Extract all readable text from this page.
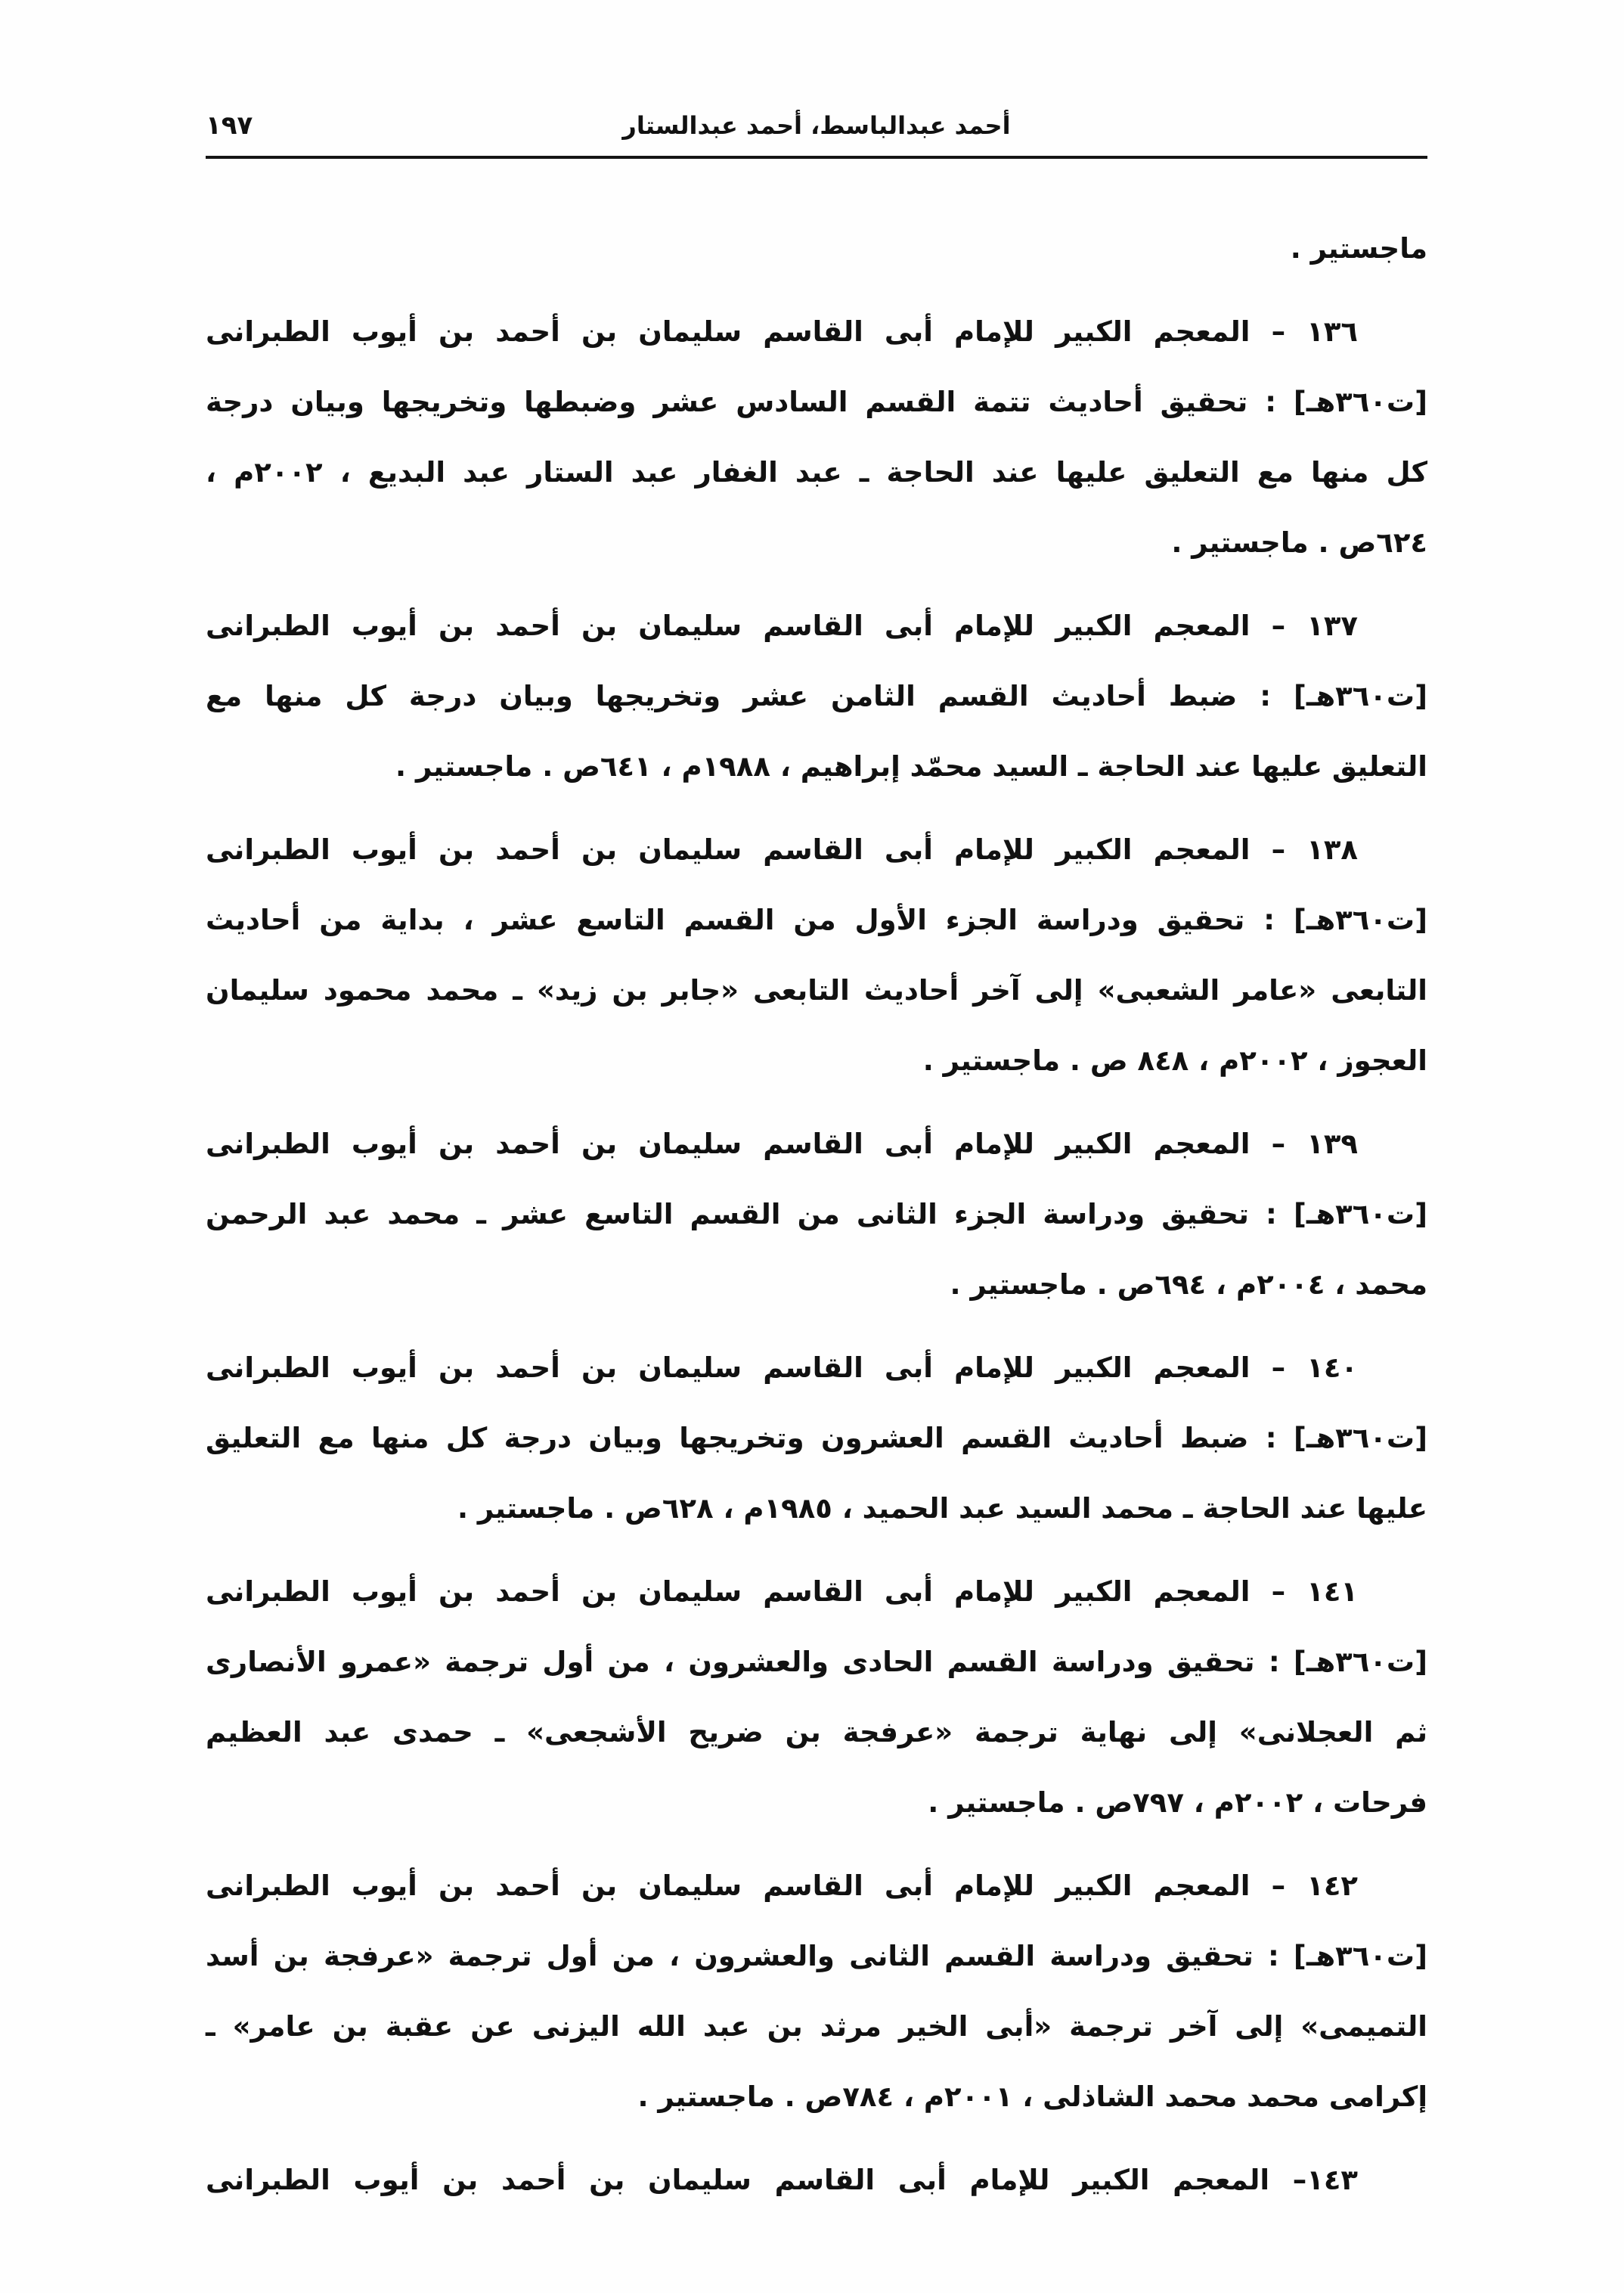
١٩٧	أحمد عبدالباسط، أحمد عبدالستار
ماجستير .
١٣٦ – المعجم الكبير للإمام أبى القاسم سليمان بن أحمد بن أيوب الطبرانى
[ت٣٦٠هـ] : تحقيق أحاديث تتمة القسم السادس عشر وضبطها وتخريجها وبيان درجة
كل منها مع التعليق عليها عند الحاجة ـ عبد الغفار عبد الستار عبد البديع ، ٢٠٠٢م ،
٦٢٤ص . ماجستير .
١٣٧ – المعجم الكبير للإمام أبى القاسم سليمان بن أحمد بن أيوب الطبرانى
[ت٣٦٠هـ] : ضبط أحاديث القسم الثامن عشر وتخريجها وبيان درجة كل منها مع
التعليق عليها عند الحاجة ـ السيد محمّد إبراهيم ، ١٩٨٨م ، ٦٤١ص . ماجستير .
١٣٨ – المعجم الكبير للإمام أبى القاسم سليمان بن أحمد بن أيوب الطبرانى
[ت٣٦٠هـ] : تحقيق ودراسة الجزء الأول من القسم التاسع عشر ، بداية من أحاديث
التابعى «عامر الشعبى» إلى آخر أحاديث التابعى «جابر بن زيد» ـ محمد محمود سليمان
العجوز ، ٢٠٠٢م ، ٨٤٨ ص . ماجستير .
١٣٩ – المعجم الكبير للإمام أبى القاسم سليمان بن أحمد بن أيوب الطبرانى
[ت٣٦٠هـ] : تحقيق ودراسة الجزء الثانى من القسم التاسع عشر ـ محمد عبد الرحمن
محمد ، ٢٠٠٤م ، ٦٩٤ص . ماجستير .
١٤٠ – المعجم الكبير للإمام أبى القاسم سليمان بن أحمد بن أيوب الطبرانى
[ت٣٦٠هـ] : ضبط أحاديث القسم العشرون وتخريجها وبيان درجة كل منها مع التعليق
عليها عند الحاجة ـ محمد السيد عبد الحميد ، ١٩٨٥م ، ٦٢٨ص . ماجستير .
١٤١ – المعجم الكبير للإمام أبى القاسم سليمان بن أحمد بن أيوب الطبرانى
[ت٣٦٠هـ] : تحقيق ودراسة القسم الحادى والعشرون ، من أول ترجمة «عمرو الأنصارى
ثم العجلانى» إلى نهاية ترجمة «عرفجة بن ضريح الأشجعى» ـ حمدى عبد العظيم
فرحات ، ٢٠٠٢م ، ٧٩٧ص . ماجستير .
١٤٢ – المعجم الكبير للإمام أبى القاسم سليمان بن أحمد بن أيوب الطبرانى
[ت٣٦٠هـ] : تحقيق ودراسة القسم الثانى والعشرون ، من أول ترجمة «عرفجة بن أسد
التميمى» إلى آخر ترجمة «أبى الخير مرثد بن عبد الله اليزنى عن عقبة بن عامر» ـ
إكرامى محمد محمد الشاذلى ، ٢٠٠١م ، ٧٨٤ص . ماجستير .
١٤٣– المعجم الكبير للإمام أبى القاسم سليمان بن أحمد بن أيوب الطبرانى
